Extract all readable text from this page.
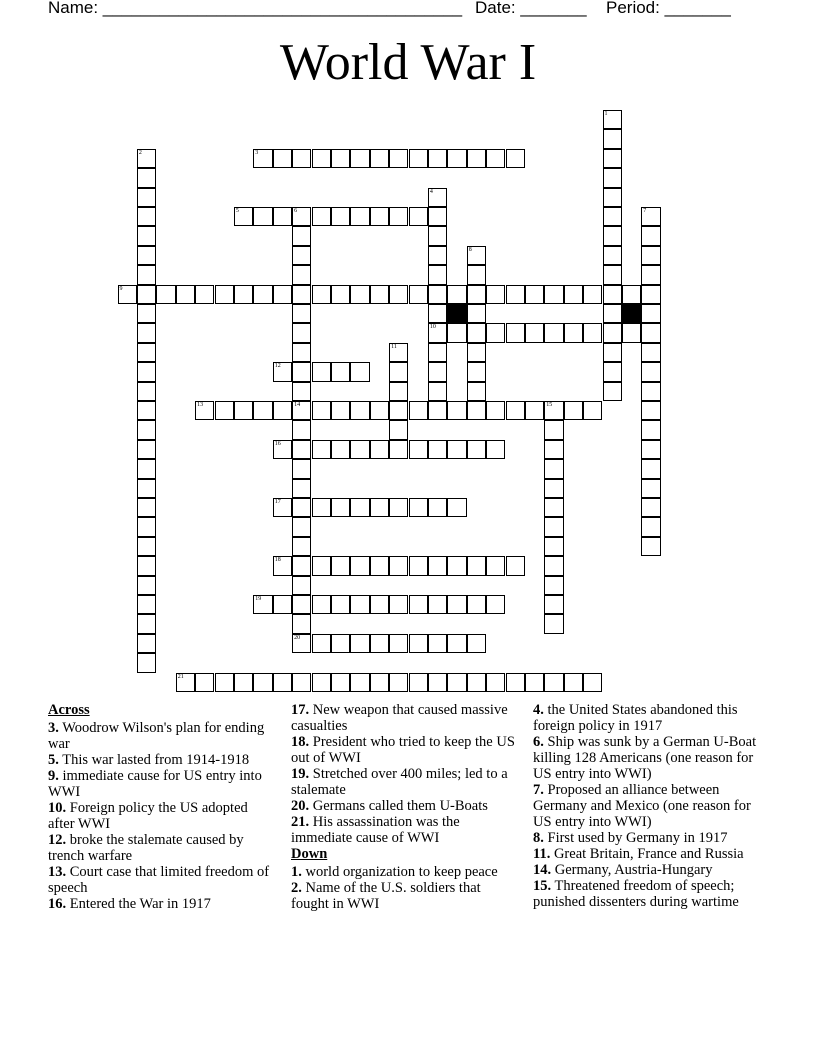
Name: ______________________________________ Date: _______ Period: _______
World War I
1
2	3
4
10
5	6
14
20
7
8
9
11
12
13	15
16
17
18
19
21
Across
3. Woodrow Wilson's plan for ending war
5. This war lasted from 1914-1918
9. immediate cause for US entry into WWI
10. Foreign policy the US adopted after WWI
12. broke the stalemate caused by trench warfare
13. Court case that limited freedom of speech
16. Entered the War in 1917
17. New weapon that caused massive casualties
18. President who tried to keep the US out of WWI
19. Stretched over 400 miles; led to a stalemate
20. Germans called them U-Boats
21. His assassination was the immediate cause of WWI
Down
1. world organization to keep peace
2. Name of the U.S. soldiers that fought in WWI
4. the United States abandoned this foreign policy in 1917
6. Ship was sunk by a German U-Boat killing 128 Americans (one reason for US entry into WWI)
7. Proposed an alliance between Germany and Mexico (one reason for US entry into WWI)
8. First used by Germany in 1917
11. Great Britain, France and Russia
14. Germany, Austria-Hungary
15. Threatened freedom of speech; punished dissenters during wartime
